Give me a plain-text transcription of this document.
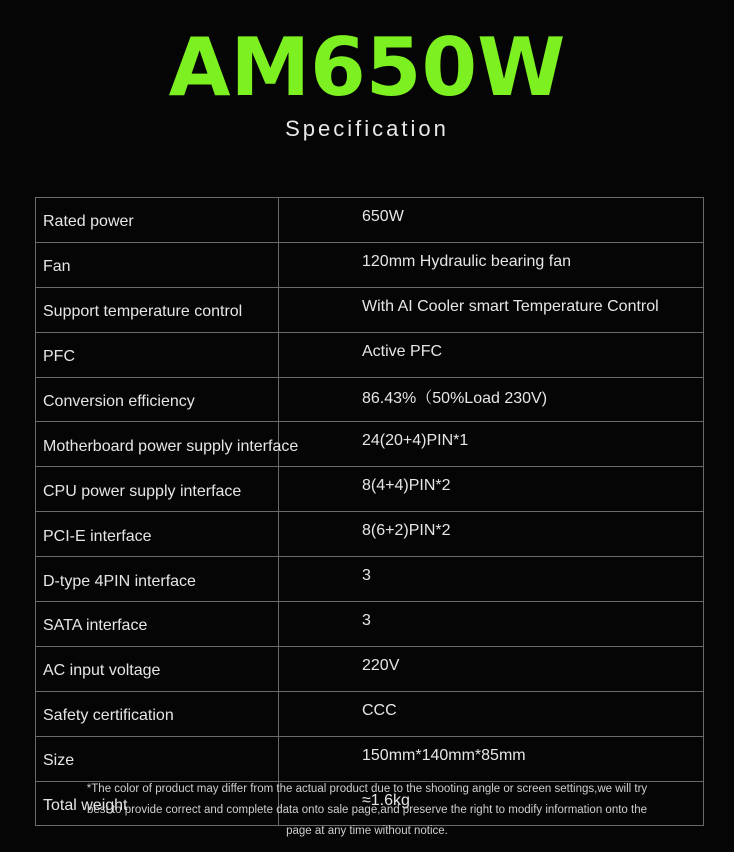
AM650W
Specification
Rated power	650W
Fan	120mm Hydraulic bearing fan
Support temperature control	With AI Cooler smart Temperature Control
PFC	Active PFC
Conversion efficiency	86.43%（50%Load 230V)
Motherboard power supply interface	24(20+4)PIN*1
CPU power supply interface	8(4+4)PIN*2
PCI-E interface	8(6+2)PIN*2
D-type 4PIN interface	3
SATA interface	3
AC input voltage	220V
Safety certification	CCC
Size	150mm*140mm*85mm
Total weight	≈1.6kg
*The color of product may differ from the actual product due to the shooting angle or screen settings,we will try
best to provide correct and complete data onto sale page,and preserve the right to modify information onto the
page at any time without notice.
